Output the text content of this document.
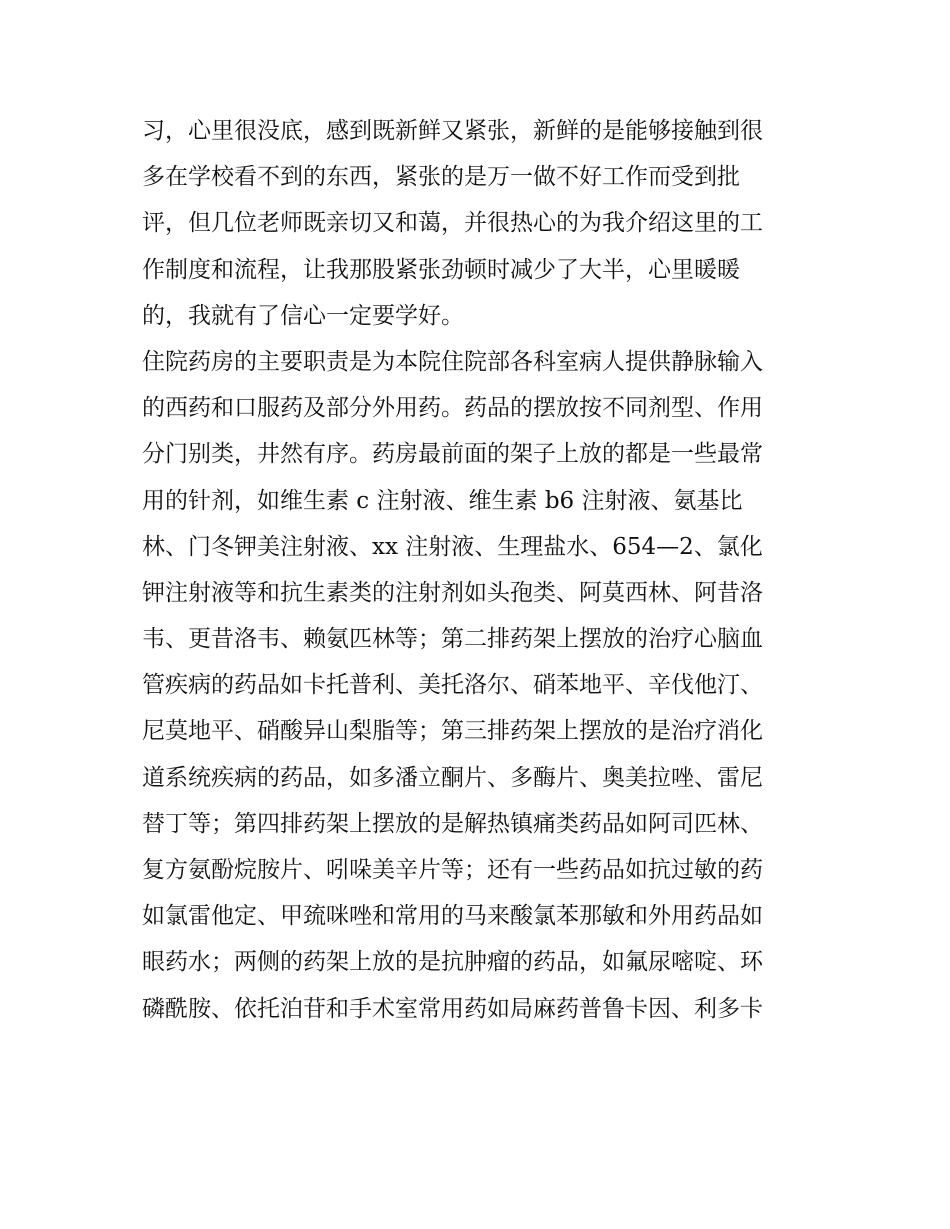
习，心里很没底，感到既新鲜又紧张，新鲜的是能够接触到很
多在学校看不到的东西，紧张的是万一做不好工作而受到批
评，但几位老师既亲切又和蔼，并很热心的为我介绍这里的工
作制度和流程，让我那股紧张劲顿时减少了大半，心里暖暖
的，我就有了信心一定要学好。
住院药房的主要职责是为本院住院部各科室病人提供静脉输入
的西药和口服药及部分外用药。药品的摆放按不同剂型、作用
分门别类，井然有序。药房最前面的架子上放的都是一些最常
用的针剂，如维生素 c 注射液、维生素 b6 注射液、氨基比
林、门冬钾美注射液、xx 注射液、生理盐水、654—2、氯化
钾注射液等和抗生素类的注射剂如头孢类、阿莫西林、阿昔洛
韦、更昔洛韦、赖氨匹林等；第二排药架上摆放的治疗心脑血
管疾病的药品如卡托普利、美托洛尔、硝苯地平、辛伐他汀、
尼莫地平、硝酸异山梨脂等；第三排药架上摆放的是治疗消化
道系统疾病的药品，如多潘立酮片、多酶片、奥美拉唑、雷尼
替丁等；第四排药架上摆放的是解热镇痛类药品如阿司匹林、
复方氨酚烷胺片、吲哚美辛片等；还有一些药品如抗过敏的药
如氯雷他定、甲巯咪唑和常用的马来酸氯苯那敏和外用药品如
眼药水；两侧的药架上放的是抗肿瘤的药品，如氟尿嘧啶、环
磷酰胺、依托泊苷和手术室常用药如局麻药普鲁卡因、利多卡
